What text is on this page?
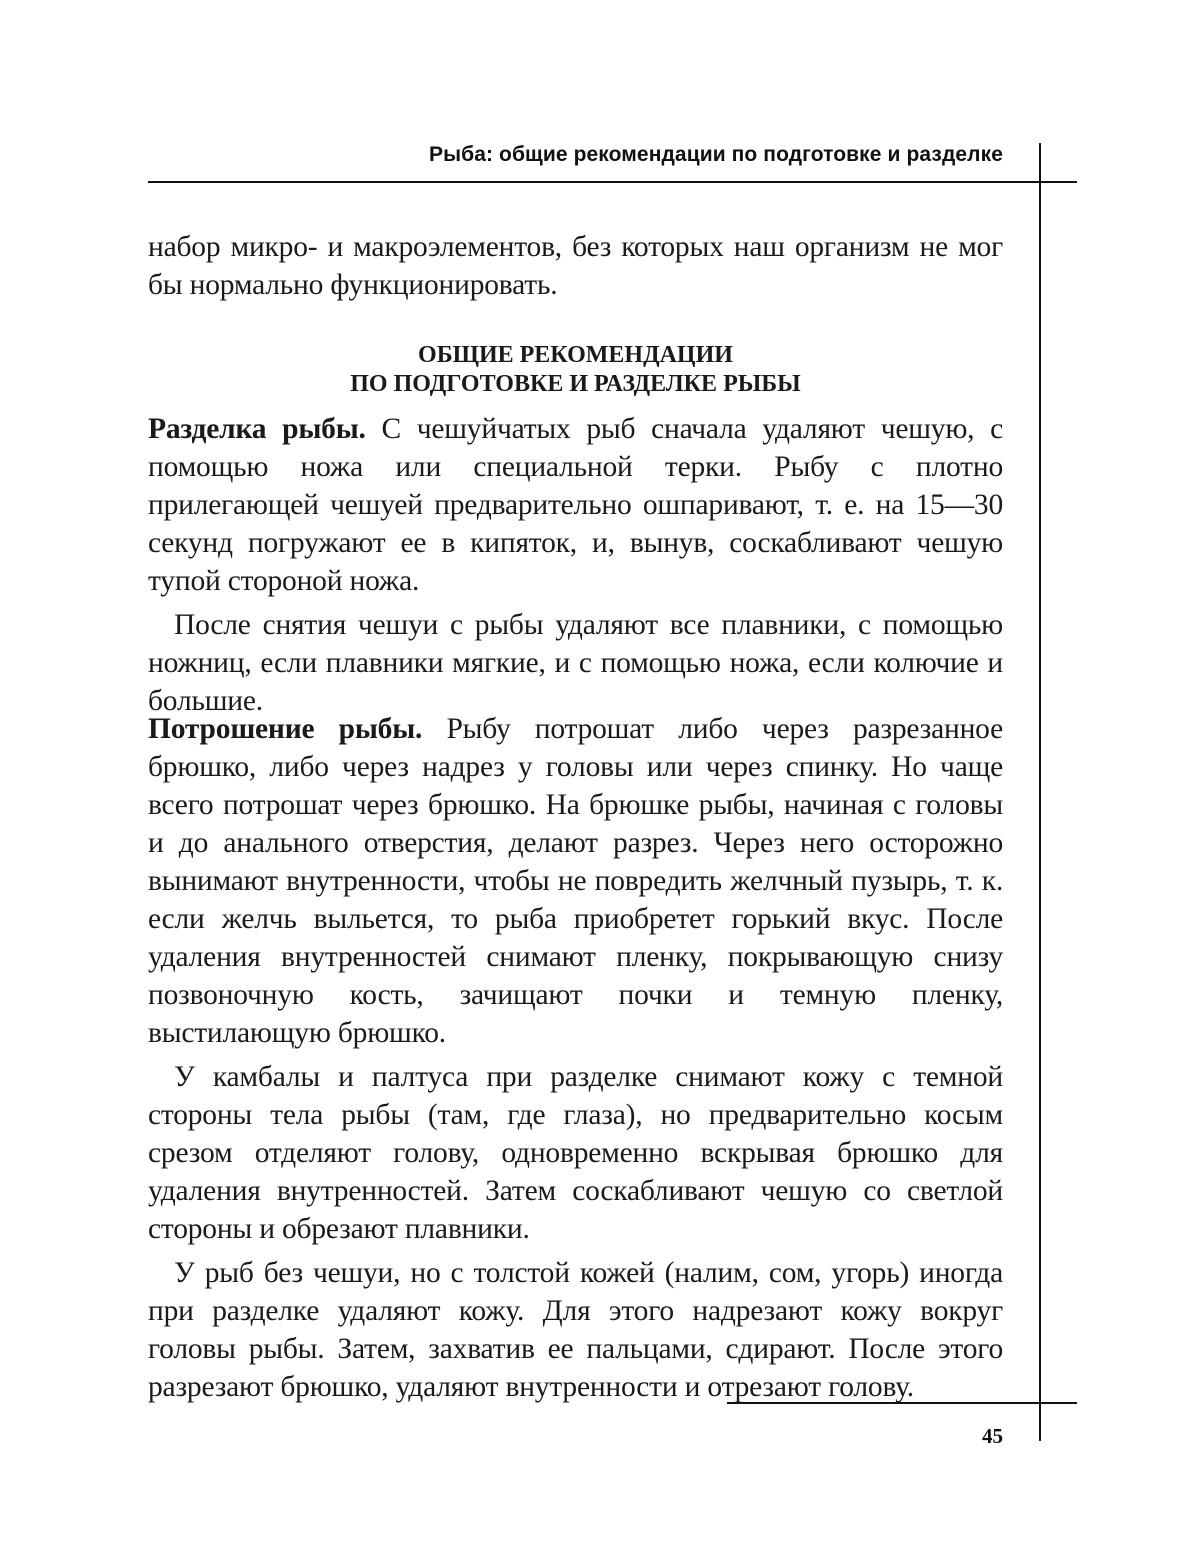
Рыба: общие рекомендации по подготовке и разделке

набор микро- и макроэлементов, без которых наш организм не мог бы нормально функционировать.

ОБЩИЕ РЕКОМЕНДАЦИИ
ПО ПОДГОТОВКЕ И РАЗДЕЛКЕ РЫБЫ

Разделка рыбы. С чешуйчатых рыб сначала удаляют чешую, с помощью ножа или специальной терки. Рыбу с плотно прилегающей чешуей предварительно ошпаривают, т. е. на 15—30 секунд погружают ее в кипяток, и, вынув, соскабливают чешую тупой стороной ножа.

После снятия чешуи с рыбы удаляют все плавники, с помощью ножниц, если плавники мягкие, и с помощью ножа, если колючие и большие.

Потрошение рыбы. Рыбу потрошат либо через разрезанное брюшко, либо через надрез у головы или через спинку. Но чаще всего потрошат через брюшко. На брюшке рыбы, начиная с головы и до анального отверстия, делают разрез. Через него осторожно вынимают внутренности, чтобы не повредить желчный пузырь, т. к. если желчь выльется, то рыба приобретет горький вкус. После удаления внутренностей снимают пленку, покрывающую снизу позвоночную кость, зачищают почки и темную пленку, выстилающую брюшко.

У камбалы и палтуса при разделке снимают кожу с темной стороны тела рыбы (там, где глаза), но предварительно косым срезом отделяют голову, одновременно вскрывая брюшко для удаления внутренностей. Затем соскабливают чешую со светлой стороны и обрезают плавники.

У рыб без чешуи, но с толстой кожей (налим, сом, угорь) иногда при разделке удаляют кожу. Для этого надрезают кожу вокруг головы рыбы. Затем, захватив ее пальцами, сдирают. После этого разрезают брюшко, удаляют внутренности и отрезают голову.

45
